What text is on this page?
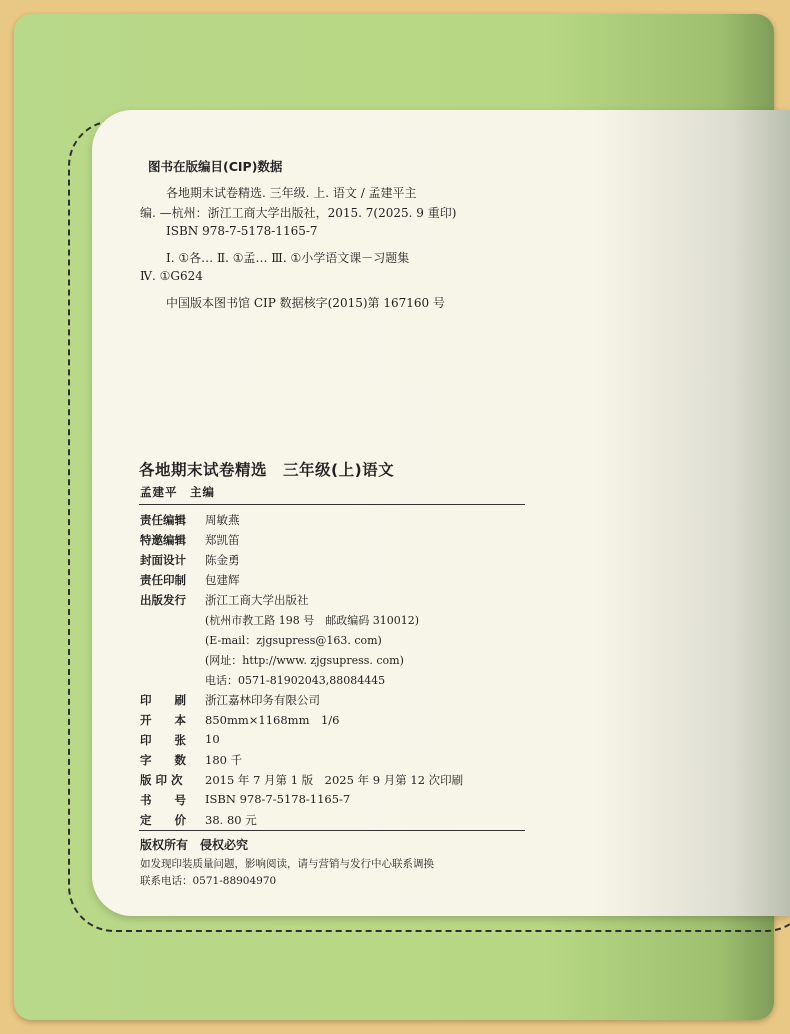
图书在版编目(CIP)数据
各地期末试卷精选. 三年级. 上. 语文 / 孟建平主
编. —杭州：浙江工商大学出版社，2015. 7(2025. 9 重印)
ISBN 978-7-5178-1165-7
Ⅰ. ①各… Ⅱ. ①孟… Ⅲ. ①小学语文课－习题集
Ⅳ. ①G624
中国版本图书馆 CIP 数据核字(2015)第 167160 号
各地期末试卷精选　三年级(上)语文
孟建平　主编
责任编辑 周敏燕
特邀编辑 郑凯笛
封面设计 陈金勇
责任印制 包建辉
出版发行 浙江工商大学出版社
(杭州市教工路 198 号　邮政编码 310012)
(E-mail：zjgsupress@163. com)
(网址：http://www. zjgsupress. com)
电话：0571-81902043,88084445
印　　刷 浙江嘉林印务有限公司
开　　本 850mm×1168mm　1/6
印　　张 10
字　　数 180 千
版 印 次 2015 年 7 月第 1 版　2025 年 9 月第 12 次印刷
书　　号 ISBN 978-7-5178-1165-7
定　　价 38. 80 元
版权所有　侵权必究
如发现印装质量问题，影响阅读，请与营销与发行中心联系调换
联系电话：0571-88904970
